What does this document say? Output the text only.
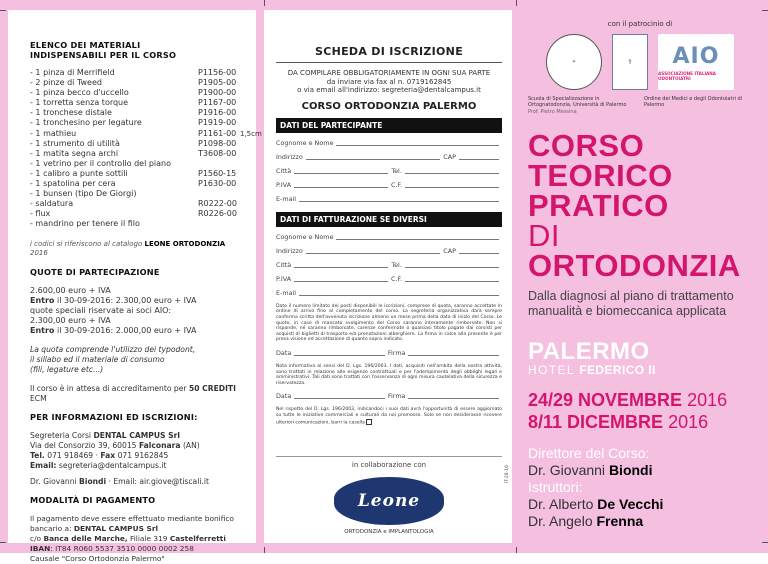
ELENCO DEI MATERIALI
INDISPENSABILI PER IL CORSO
- 1 pinza di Merrifield	P1156-00
- 2 pinze di Tweed	P1905-00
- 1 pinza becco d'uccello	P1900-00
- 1 torretta senza torque	P1167-00
- 1 tronchese distale	P1916-00
- 1 tronchesino per legature	P1919-00
- 1 mathieu	P1161-00 1,5cm
- 1 strumento di utilità	P1098-00
- 1 matita segna archi	T3608-00
- 1 vetrino per il controllo del piano
- 1 calibro a punte sottili	P1560-15
- 1 spatolina per cera	P1630-00
- 1 bunsen (tipo De Giorgi)
- saldatura	R0222-00
- flux	R0226-00
- mandrino per tenere il filo
i codici si riferiscono al catalogo LEONE ORTODONZIA 2016
QUOTE DI PARTECIPAZIONE
2.600,00 euro + IVA
Entro il 30-09-2016: 2.300,00 euro + IVA
quote speciali riservate ai soci AIO:
2.300,00 euro + IVA
Entro il 30-09-2016: 2.000,00 euro + IVA
La quota comprende l'utilizzo dei typodont,
il sillabo ed il materiale di consumo
(fili, legature etc...)
Il corso è in attesa di accreditamento per 50 CREDITI ECM
PER INFORMAZIONI ED ISCRIZIONI:
Segreteria Corsi DENTAL CAMPUS Srl
Via del Consorzio 39, 60015 Falconara (AN)
Tel. 071 918469 · Fax 071 9162845
Email: segreteria@dentalcampus.it
Dr. Giovanni Biondi · Email: air.giove@tiscali.it
MODALITÀ DI PAGAMENTO
Il pagamento deve essere effettuato mediante bonifico
bancario a: DENTAL CAMPUS Srl
c/o Banca delle Marche, Filiale 319 Castelferretti
IBAN: IT84 R060 5537 3510 0000 0002 258
Causale "Corso Ortodonzia Palermo"
SCHEDA DI ISCRIZIONE
DA COMPILARE OBBLIGATORIAMENTE IN OGNI SUA PARTE
da inviare via fax al n. 0719162845
o via email all'indirizzo: segreteria@dentalcampus.it
CORSO ORTODONZIA PALERMO
DATI DEL PARTECIPANTE
Cognome e Nome
Indirizzo	CAP
Città	Tel.
P.IVA	C.F.
E-mail
DATI DI FATTURAZIONE SE DIVERSI
Cognome e Nome
Indirizzo	CAP
Città	Tel.
P.IVA	C.F.
E-mail
Dato il numero limitato dei posti disponibili le iscrizioni, comprese di quota, saranno accettate in ordine di arrivo fino al completamento del corso. La segreteria organizzativa darà sempre conferma scritta dell'avvenuta iscrizione almeno un mese prima della data di inizio del Corso. Le quote, in caso di mancato svolgimento del Corso saranno interamente rimborsate. Non si risponde, né saranno rimborsate, carenze confermate o qualsiasi titolo pagate dai corsisti per acquisti di biglietti di trasporto e/o prenotazioni alberghiere. La firma in calce alla presente è per presa visione ed accettazione di quanto sopra indicato.
Data	Firma
Nota informativa ai sensi del D. Lgs. 196/2003. I dati, acquisiti nell'ambito della nostra attività, sono trattati in relazione alle esigenze contrattuali e per l'adempimento degli obblighi legali e amministrativi. Tali dati sono trattati con l'osservanza di ogni misura cautelativa della sicurezza e riservatezza.
Data	Firma
Nel rispetto del D. Lgs. 196/2003, indicandoci i suoi dati avrà l'opportunità di essere aggiornato su tutte le iniziative commerciali e culturali da noi promosse. Solo se non desiderasse ricevere ulteriori comunicazioni, barri la casella
in collaborazione con
Leone
ORTODONZIA e IMPLANTOLOGIA
IT-28-16
con il patrocinio di
✦	⚕	AIO
ASSOCIAZIONE ITALIANA ODONTOIATRI
Scuola di Specializzazione in Ortognatodonzia, Università di Palermo
Prof. Pietro Messina
Ordine dei Medici e degli Odontoiatri di Palermo
CORSO
TEORICO
PRATICO
DI
ORTODONZIA
Dalla diagnosi al piano di trattamento
manualità e biomeccanica applicata
PALERMO
HOTEL FEDERICO II
24/29 NOVEMBRE 2016
8/11 DICEMBRE 2016
Direttore del Corso:
Dr. Giovanni Biondi
Istruttori:
Dr. Alberto De Vecchi
Dr. Angelo Frenna
